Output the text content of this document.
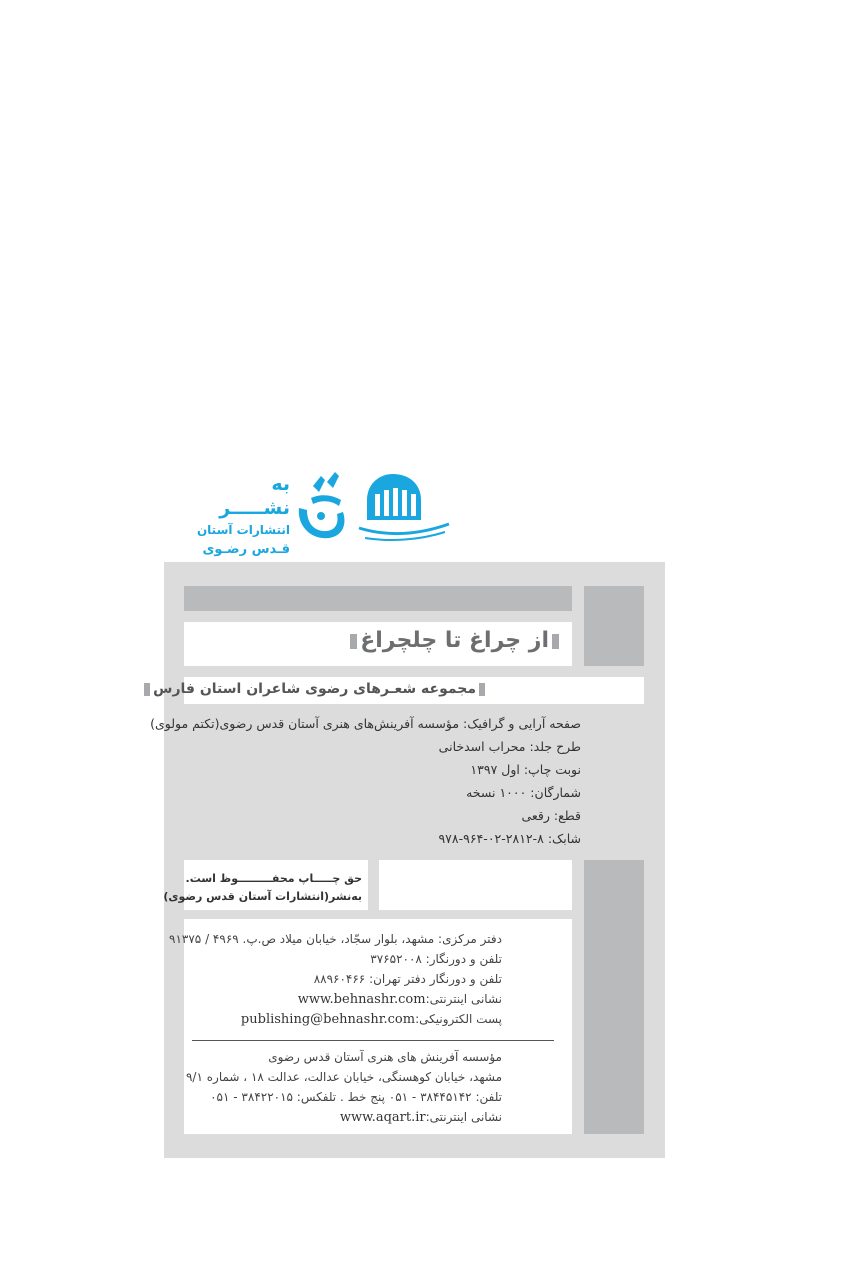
به نشـــــر
انتشارات آستان
قـدس رضـوی
از چراغ تا چلچراغ
مجموعه شعـرهای رضوی شاعران استان فارس
صفحه آرایی و گرافیک: مؤسسه آفرینش‌های هنری آستان قدس رضوی(تکتم مولوی)
طرح جلد: محراب اسدخانی
نوبت چاپ: اول ۱۳۹۷
شمارگان: ۱۰۰۰ نسخه
قطع: رقعی
شابک: ۸-۲۸۱۲-۰۲-۹۶۴-۹۷۸
حق چـــــاپ محفـــــــــوظ است.
به‌نشر(انتشارات آستان قدس رضوی)
دفتر مرکزی: مشهد، بلوار سجّاد، خیابان میلاد ص.پ. ۴۹۶۹ / ۹۱۳۷۵
تلفن و دورنگار: ۳۷۶۵۲۰۰۸
تلفن و دورنگار دفتر تهران: ۸۸۹۶۰۴۶۶
نشانی اینترنتی:www.behnashr.com
پست الکترونیکی:publishing@behnashr.com
مؤسسه آفرینش های هنری آستان قدس رضوی
مشهد، خیابان کوهسنگی، خیابان عدالت، عدالت ۱۸ ، شماره ۹/۱
تلفن: ۳۸۴۴۵۱۴۲ - ۰۵۱ پنج خط . تلفکس: ۳۸۴۲۲۰۱۵ - ۰۵۱
نشانی اینترنتی:www.aqart.ir
